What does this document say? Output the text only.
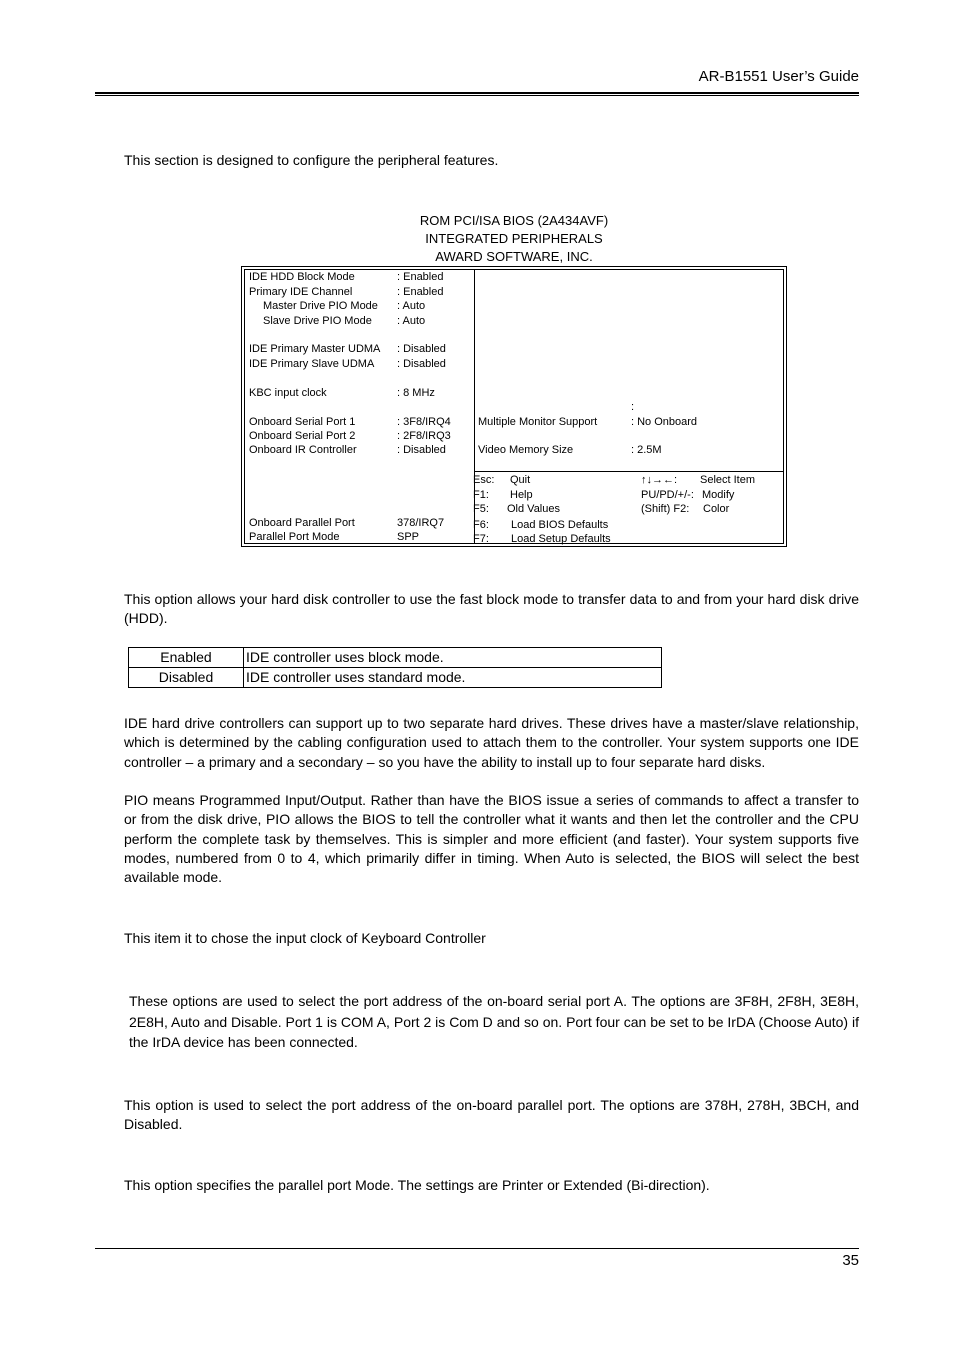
AR-B1551 User’s Guide
This section is designed to configure the peripheral features.
ROM PCI/ISA BIOS (2A434AVF)
INTEGRATED PERIPHERALS
AWARD SOFTWARE, INC.
IDE HDD Block Mode	: Enabled
Primary IDE Channel	: Enabled
Master Drive PIO Mode : Auto
Slave Drive PIO Mode : Auto
IDE Primary Master UDMA : Disabled
IDE Primary Slave UDMA : Disabled
KBC input clock	: 8 MHz
Onboard Serial Port 1	: 3F8/IRQ4
Onboard Serial Port 2	: 2F8/IRQ3
Onboard IR Controller	: Disabled
Onboard Parallel Port	378/IRQ7
Parallel Port Mode	SPP
:
Multiple Monitor Support	: No Onboard
Video Memory Size	: 2.5M
Esc: Quit	↑↓→←: Select Item
F1: Help	PU/PD/+/-: Modify
F5: Old Values	(Shift) F2: Color
F6: Load BIOS Defaults
F7: Load Setup Defaults
This option allows your hard disk controller to use the fast block mode to transfer data to and from your hard disk drive (HDD).
Enabled	IDE controller uses block mode.
Disabled	IDE controller uses standard mode.
IDE hard drive controllers can support up to two separate hard drives. These drives have a master/slave relationship, which is determined by the cabling configuration used to attach them to the controller. Your system supports one IDE controller – a primary and a secondary – so you have the ability to install up to four separate hard disks.
PIO means Programmed Input/Output. Rather than have the BIOS issue a series of commands to affect a transfer to or from the disk drive, PIO allows the BIOS to tell the controller what it wants and then let the controller and the CPU perform the complete task by themselves. This is simpler and more efficient (and faster). Your system supports five modes, numbered from 0 to 4, which primarily differ in timing. When Auto is selected, the BIOS will select the best available mode.
This item it to chose the input clock of Keyboard Controller
These options are used to select the port address of the on-board serial port A. The options are 3F8H, 2F8H, 3E8H, 2E8H, Auto and Disable. Port 1 is COM A, Port 2 is Com D and so on. Port four can be set to be IrDA (Choose Auto) if the IrDA device has been connected.
This option is used to select the port address of the on-board parallel port. The options are 378H, 278H, 3BCH, and Disabled.
This option specifies the parallel port Mode. The settings are Printer or Extended (Bi-direction).
35
